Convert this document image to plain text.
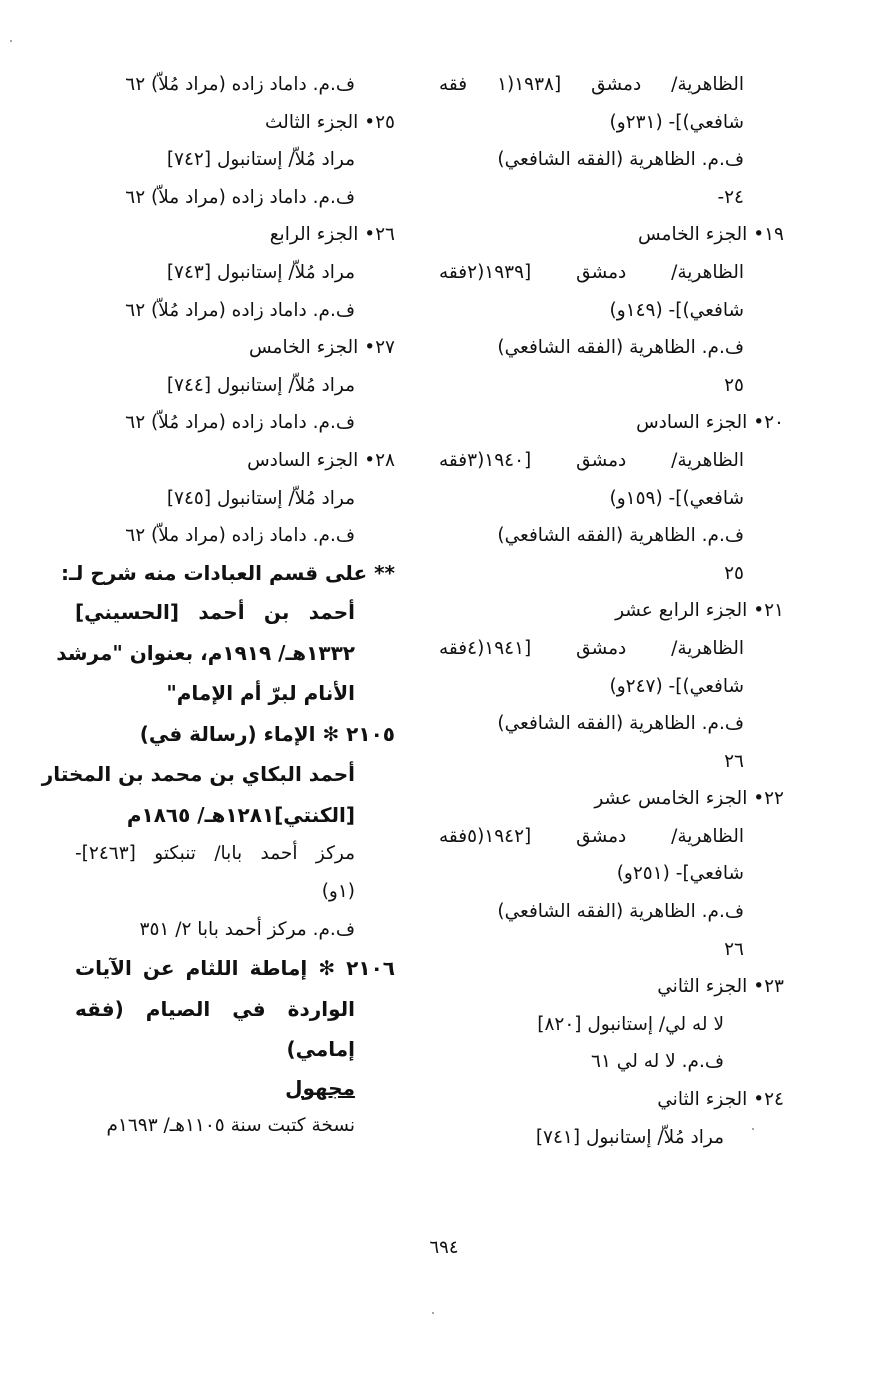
الظاهرية/ دمشق [١٩٣٨(١ فقه
شافعي)]- (٢٣١و)
ف.م. الظاهرية (الفقه الشافعي)
٢٤-
١٩• الجزء الخامس
الظاهرية/ دمشق [١٩٣٩(٢فقه
شافعي)]- (١٤٩و)
ف.م. الظاهرية (الفقه الشافعي)
٢٥
٢٠• الجزء السادس
الظاهرية/ دمشق [١٩٤٠(٣فقه
شافعي)]- (١٥٩و)
ف.م. الظاهرية (الفقه الشافعي)
٢٥
٢١• الجزء الرابع عشر
الظاهرية/ دمشق [١٩٤١(٤فقه
شافعي)]- (٢٤٧و)
ف.م. الظاهرية (الفقه الشافعي)
٢٦
٢٢• الجزء الخامس عشر
الظاهرية/ دمشق [١٩٤٢(٥فقه
شافعي]- (٢٥١و)
ف.م. الظاهرية (الفقه الشافعي)
٢٦
٢٣• الجزء الثاني
لا له لي/ إستانبول [٨٢٠]
ف.م. لا له لي ٦١
٢٤• الجزء الثاني
مراد مُلاّ/ إستانبول [٧٤١]
ف.م. داماد زاده (مراد مُلاّ) ٦٢
٢٥• الجزء الثالث
مراد مُلاّ/ إستانبول [٧٤٢]
ف.م. داماد زاده (مراد ملاّ) ٦٢
٢٦• الجزء الرابع
مراد مُلاّ/ إستانبول [٧٤٣]
ف.م. داماد زاده (مراد مُلاّ) ٦٢
٢٧• الجزء الخامس
مراد مُلاّ/ إستانبول [٧٤٤]
ف.م. داماد زاده (مراد مُلاّ) ٦٢
٢٨• الجزء السادس
مراد مُلاّ/ إستانبول [٧٤٥]
ف.م. داماد زاده (مراد ملاّ) ٦٢
** على قسم العبادات منه شرح لـ:
أحمد بن أحمد [الحسيني]
١٣٣٢هـ/ ١٩١٩م، بعنوان "مرشد
الأنام لبرّ أم الإمام"
٢١٠٥ ✻ الإماء (رسالة في)
أحمد البكاي بن محمد بن المختار
[الكنتي]١٢٨١هـ/ ١٨٦٥م
مركز أحمد بابا/ تنبكتو [٢٤٦٣]-
(١و)
ف.م. مركز أحمد بابا ٢/ ٣٥١
٢١٠٦ ✻ إماطة اللثام عن الآيات
الواردة في الصيام (فقه
إمامي)
مجهول
نسخة كتبت سنة ١١٠٥هـ/ ١٦٩٣م
٦٩٤
